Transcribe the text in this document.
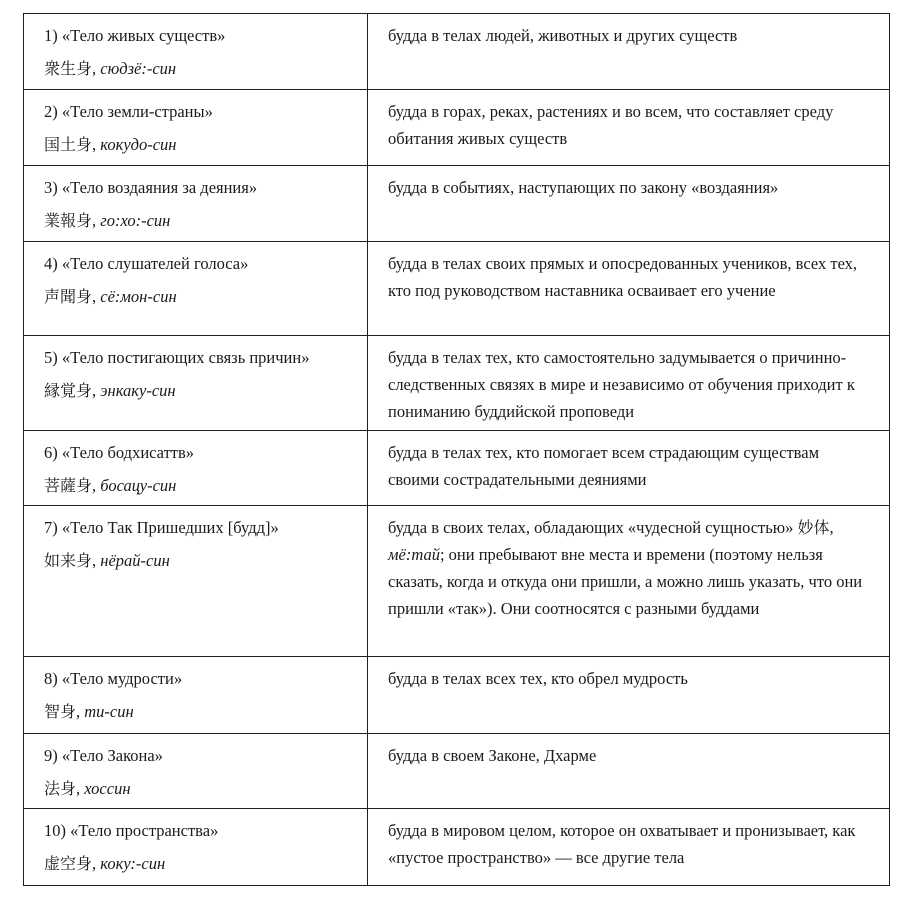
1) «Тело живых существ»
衆生身, сюдзё:-син	будда в телах людей, животных и других существ

2) «Тело земли-страны»
国土身, кокудо-син	будда в горах, реках, растениях и во всем, что составляет среду обитания живых существ

3) «Тело воздаяния за деяния»
業報身, го:хо:-син	будда в событиях, наступающих по закону «воздаяния»

4) «Тело слушателей голоса»
声聞身, сё:мон-син	будда в телах своих прямых и опосредованных учеников, всех тех, кто под руководством наставника осваивает его учение

5) «Тело постигающих связь причин»
縁覚身, энкаку-син	будда в телах тех, кто самостоятельно задумывается о причинно-следственных связях в мире и независимо от обучения приходит к пониманию буддийской проповеди

6) «Тело бодхисаттв»
菩薩身, босацу-син	будда в телах тех, кто помогает всем страдающим существам своими сострадательными деяниями

7) «Тело Так Пришедших [будд]»
如来身, нёрай-син	будда в своих телах, обладающих «чудесной сущностью» 妙体, мё:тай; они пребывают вне места и времени (поэтому нельзя сказать, когда и откуда они пришли, а можно лишь указать, что они пришли «так»). Они соотносятся с разными буддами

8) «Тело мудрости»
智身, ти-син	будда в телах всех тех, кто обрел мудрость

9) «Тело Закона»
法身, хоссин	будда в своем Законе, Дхарме

10) «Тело пространства»
虚空身, коку:-син	будда в мировом целом, которое он охватывает и пронизывает, как «пустое пространство» — все другие тела
